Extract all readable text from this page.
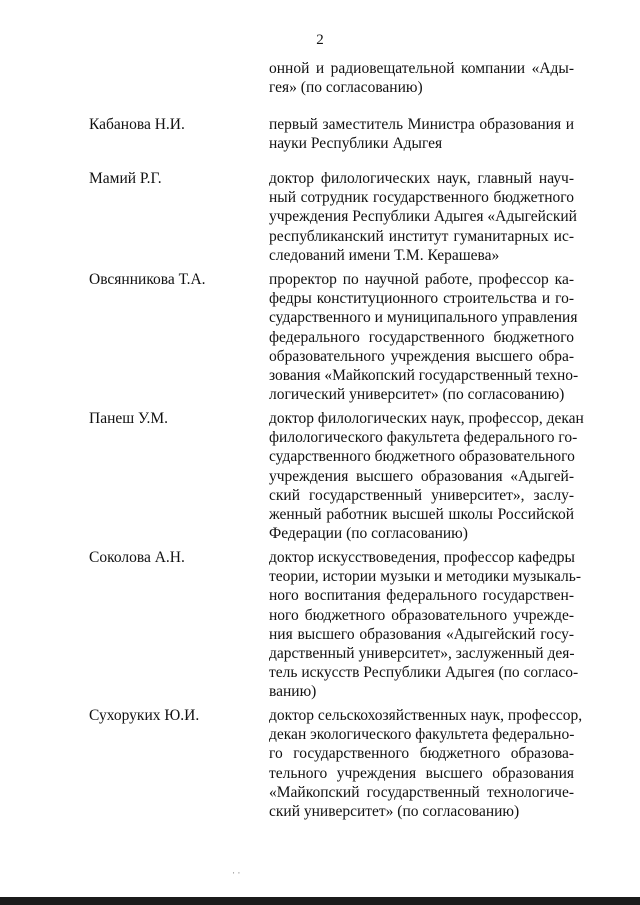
2
онной и радиовещательной компании «Ады-
гея» (по согласованию)
Кабанова Н.И.	первый заместитель Министра образования и
науки Республики Адыгея
Мамий Р.Г.	доктор филологических наук, главный науч-
ный сотрудник государственного бюджетного
учреждения Республики Адыгея «Адыгейский
республиканский институт гуманитарных ис-
следований имени Т.М. Керашева»
Овсянникова Т.А.	проректор по научной работе, профессор ка-
федры конституционного строительства и го-
сударственного и муниципального управления
федерального государственного бюджетного
образовательного учреждения высшего обра-
зования «Майкопский государственный техно-
логический университет» (по согласованию)
Панеш У.М.	доктор филологических наук, профессор, декан
филологического факультета федерального го-
сударственного бюджетного образовательного
учреждения высшего образования «Адыгей-
ский государственный университет», заслу-
женный работник высшей школы Российской
Федерации (по согласованию)
Соколова А.Н.	доктор искусствоведения, профессор кафедры
теории, истории музыки и методики музыкаль-
ного воспитания федерального государствен-
ного бюджетного образовательного учрежде-
ния высшего образования «Адыгейский госу-
дарственный университет», заслуженный дея-
тель искусств Республики Адыгея (по согласо-
ванию)
Сухоруких Ю.И.	доктор сельскохозяйственных наук, профессор,
декан экологического факультета федерально-
го государственного бюджетного образова-
тельного учреждения высшего образования
«Майкопский государственный технологиче-
ский университет» (по согласованию)
⋅ ⋅
